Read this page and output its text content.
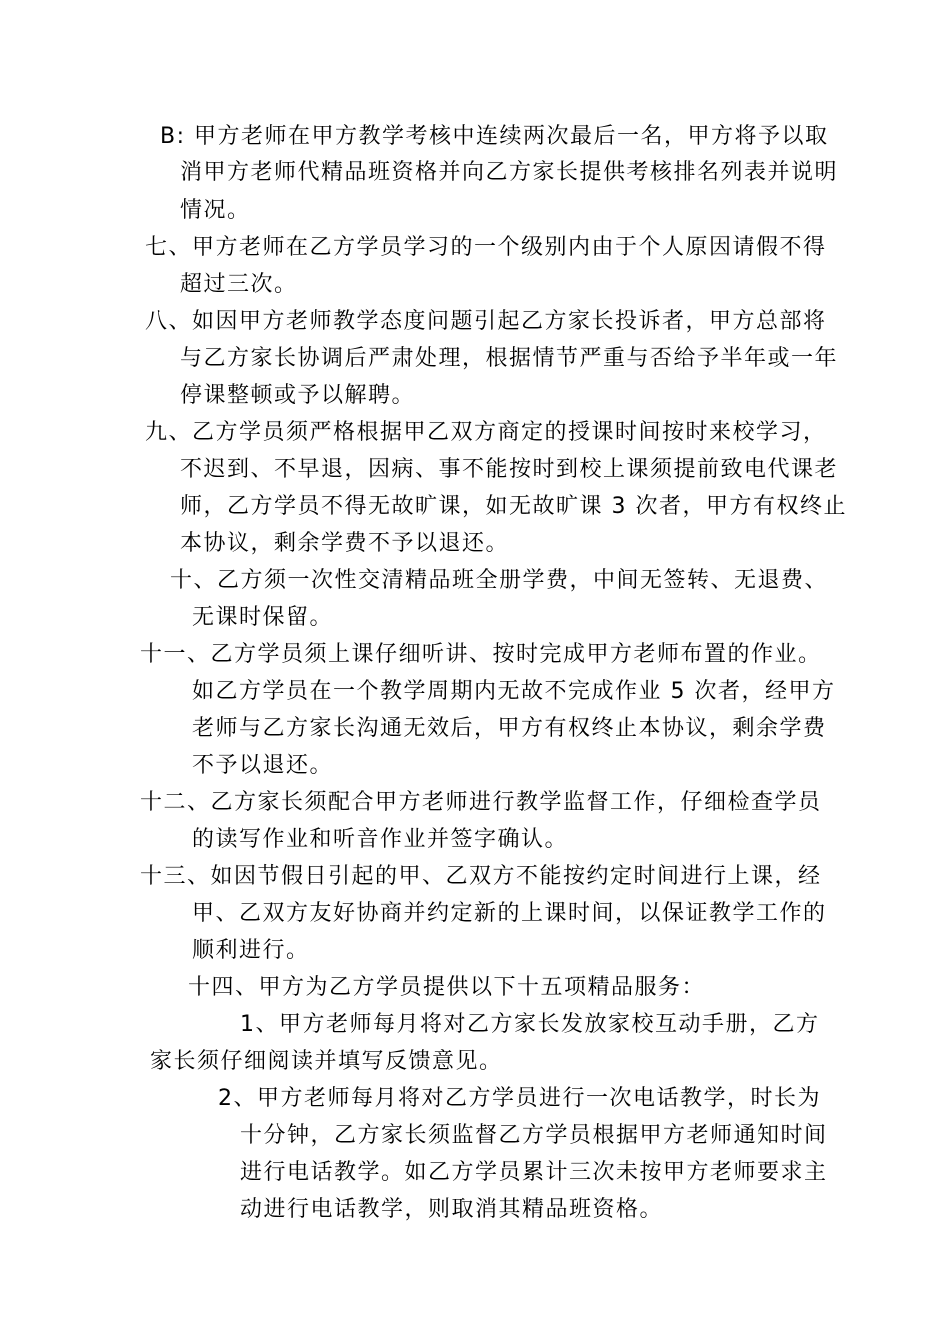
B: 甲方老师在甲方教学考核中连续两次最后一名，甲方将予以取
消甲方老师代精品班资格并向乙方家长提供考核排名列表并说明
情况。
七、甲方老师在乙方学员学习的一个级别内由于个人原因请假不得
超过三次。
八、如因甲方老师教学态度问题引起乙方家长投诉者，甲方总部将
与乙方家长协调后严肃处理，根据情节严重与否给予半年或一年
停课整顿或予以解聘。
九、乙方学员须严格根据甲乙双方商定的授课时间按时来校学习，
不迟到、不早退，因病、事不能按时到校上课须提前致电代课老
师，乙方学员不得无故旷课，如无故旷课 3 次者，甲方有权终止
本协议，剩余学费不予以退还。
十、乙方须一次性交清精品班全册学费，中间无签转、无退费、
无课时保留。
十一、乙方学员须上课仔细听讲、按时完成甲方老师布置的作业。
如乙方学员在一个教学周期内无故不完成作业 5 次者，经甲方
老师与乙方家长沟通无效后，甲方有权终止本协议，剩余学费
不予以退还。
十二、乙方家长须配合甲方老师进行教学监督工作，仔细检查学员
的读写作业和听音作业并签字确认。
十三、如因节假日引起的甲、乙双方不能按约定时间进行上课，经
甲、乙双方友好协商并约定新的上课时间，以保证教学工作的
顺利进行。
十四、甲方为乙方学员提供以下十五项精品服务：
1、甲方老师每月将对乙方家长发放家校互动手册，乙方
家长须仔细阅读并填写反馈意见。
2、甲方老师每月将对乙方学员进行一次电话教学，时长为
十分钟，乙方家长须监督乙方学员根据甲方老师通知时间
进行电话教学。如乙方学员累计三次未按甲方老师要求主
动进行电话教学，则取消其精品班资格。
